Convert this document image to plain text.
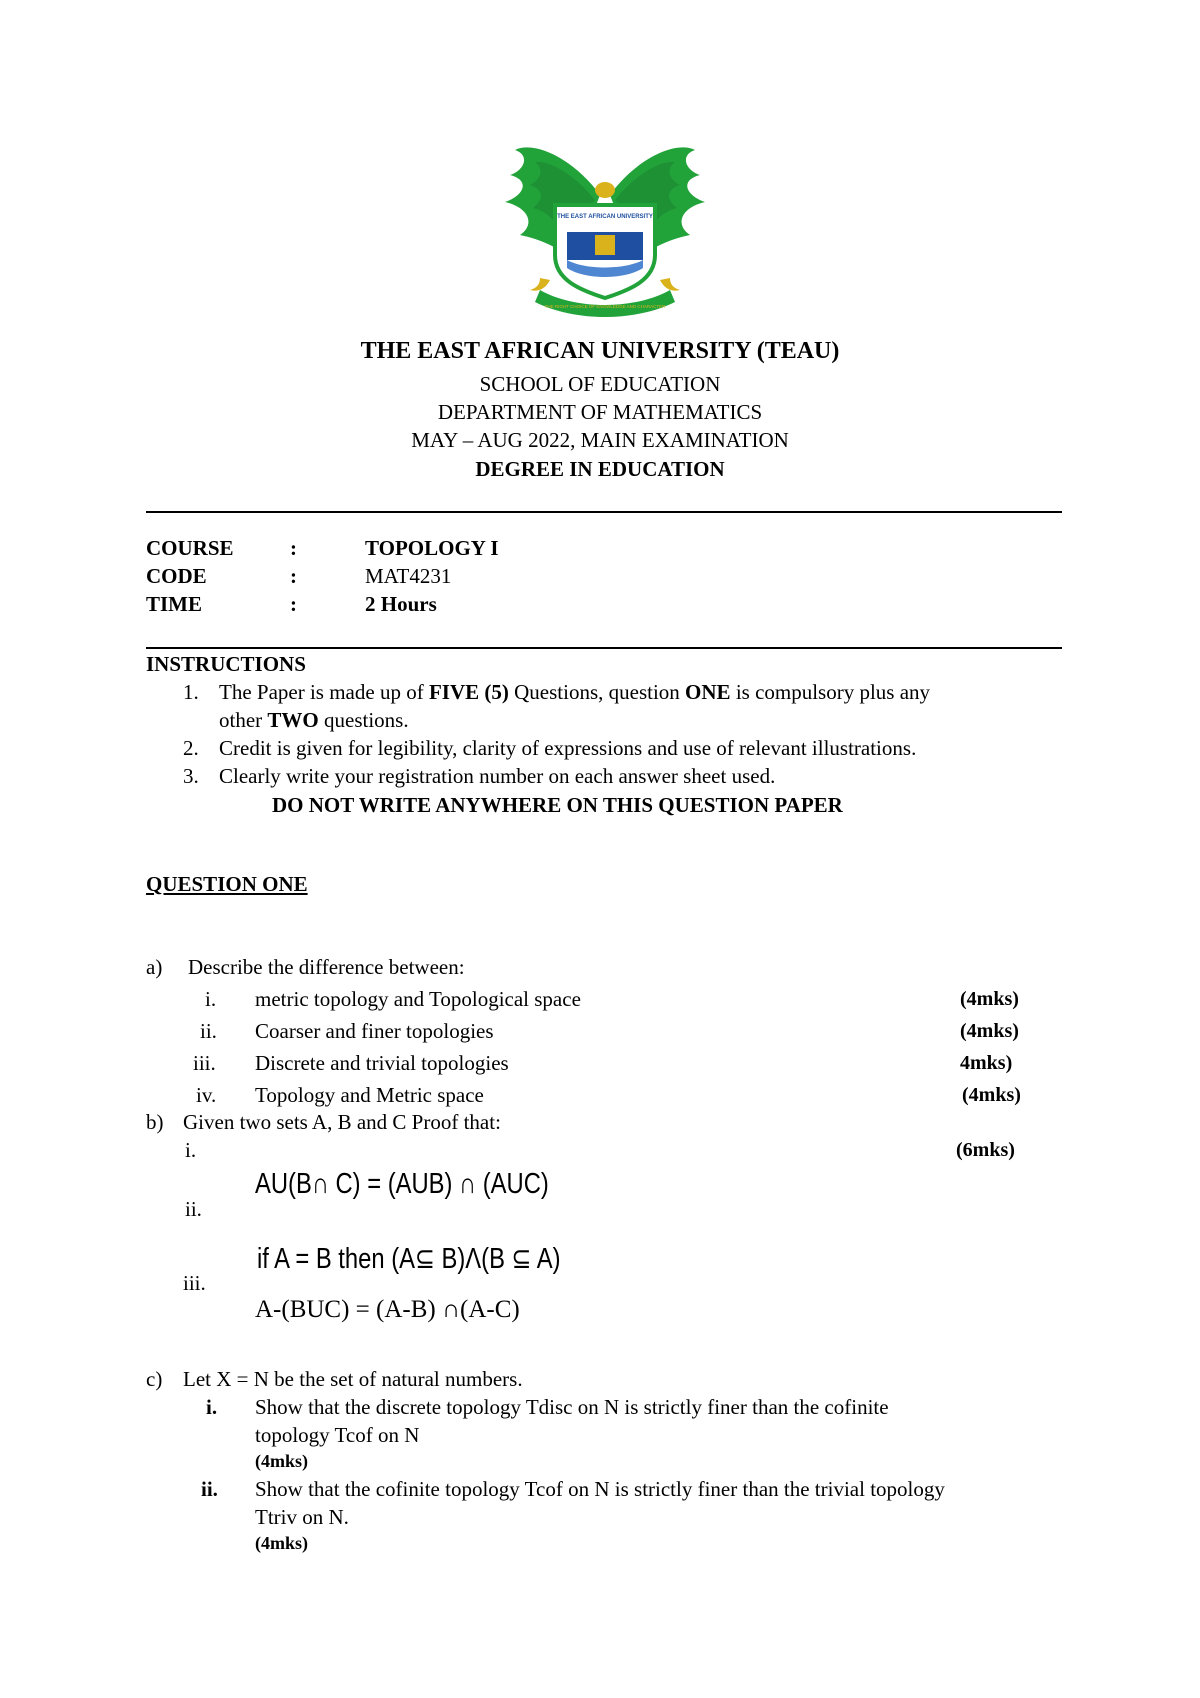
THE EAST AFRICAN UNIVERSITY
THE RIGHT CHOICE OF KNOWLEDGE AND CHARACTER
THE EAST AFRICAN UNIVERSITY (TEAU)
SCHOOL OF EDUCATION
DEPARTMENT OF MATHEMATICS
MAY – AUG 2022, MAIN EXAMINATION
DEGREE IN EDUCATION
COURSE	:	TOPOLOGY I
CODE	:	MAT4231
TIME	:	2 Hours
INSTRUCTIONS
1. The Paper is made up of FIVE (5) Questions, question ONE is compulsory plus any
other TWO questions.
2. Credit is given for legibility, clarity of expressions and use of relevant illustrations.
3. Clearly write your registration number on each answer sheet used.
DO NOT WRITE ANYWHERE ON THIS QUESTION PAPER
QUESTION ONE
a) Describe the difference between:
i. metric topology and Topological space	(4mks)
ii. Coarser and finer topologies	(4mks)
iii. Discrete and trivial topologies	4mks)
iv. Topology and Metric space	(4mks)
b) Given two sets A, B and C Proof that:
i.	(6mks)
AU(B∩ C) = (AUB) ∩ (AUC)
ii.
if A = B then (A⊆ B)Λ(B ⊆ A)
iii.
A-(BUC) = (A-B) ∩(A-C)
c) Let X = N be the set of natural numbers.
i. Show that the discrete topology Tdisc on N is strictly finer than the cofinite
topology Tcof on N
(4mks)
ii. Show that the cofinite topology Tcof on N is strictly finer than the trivial topology
Ttriv on N.
(4mks)
